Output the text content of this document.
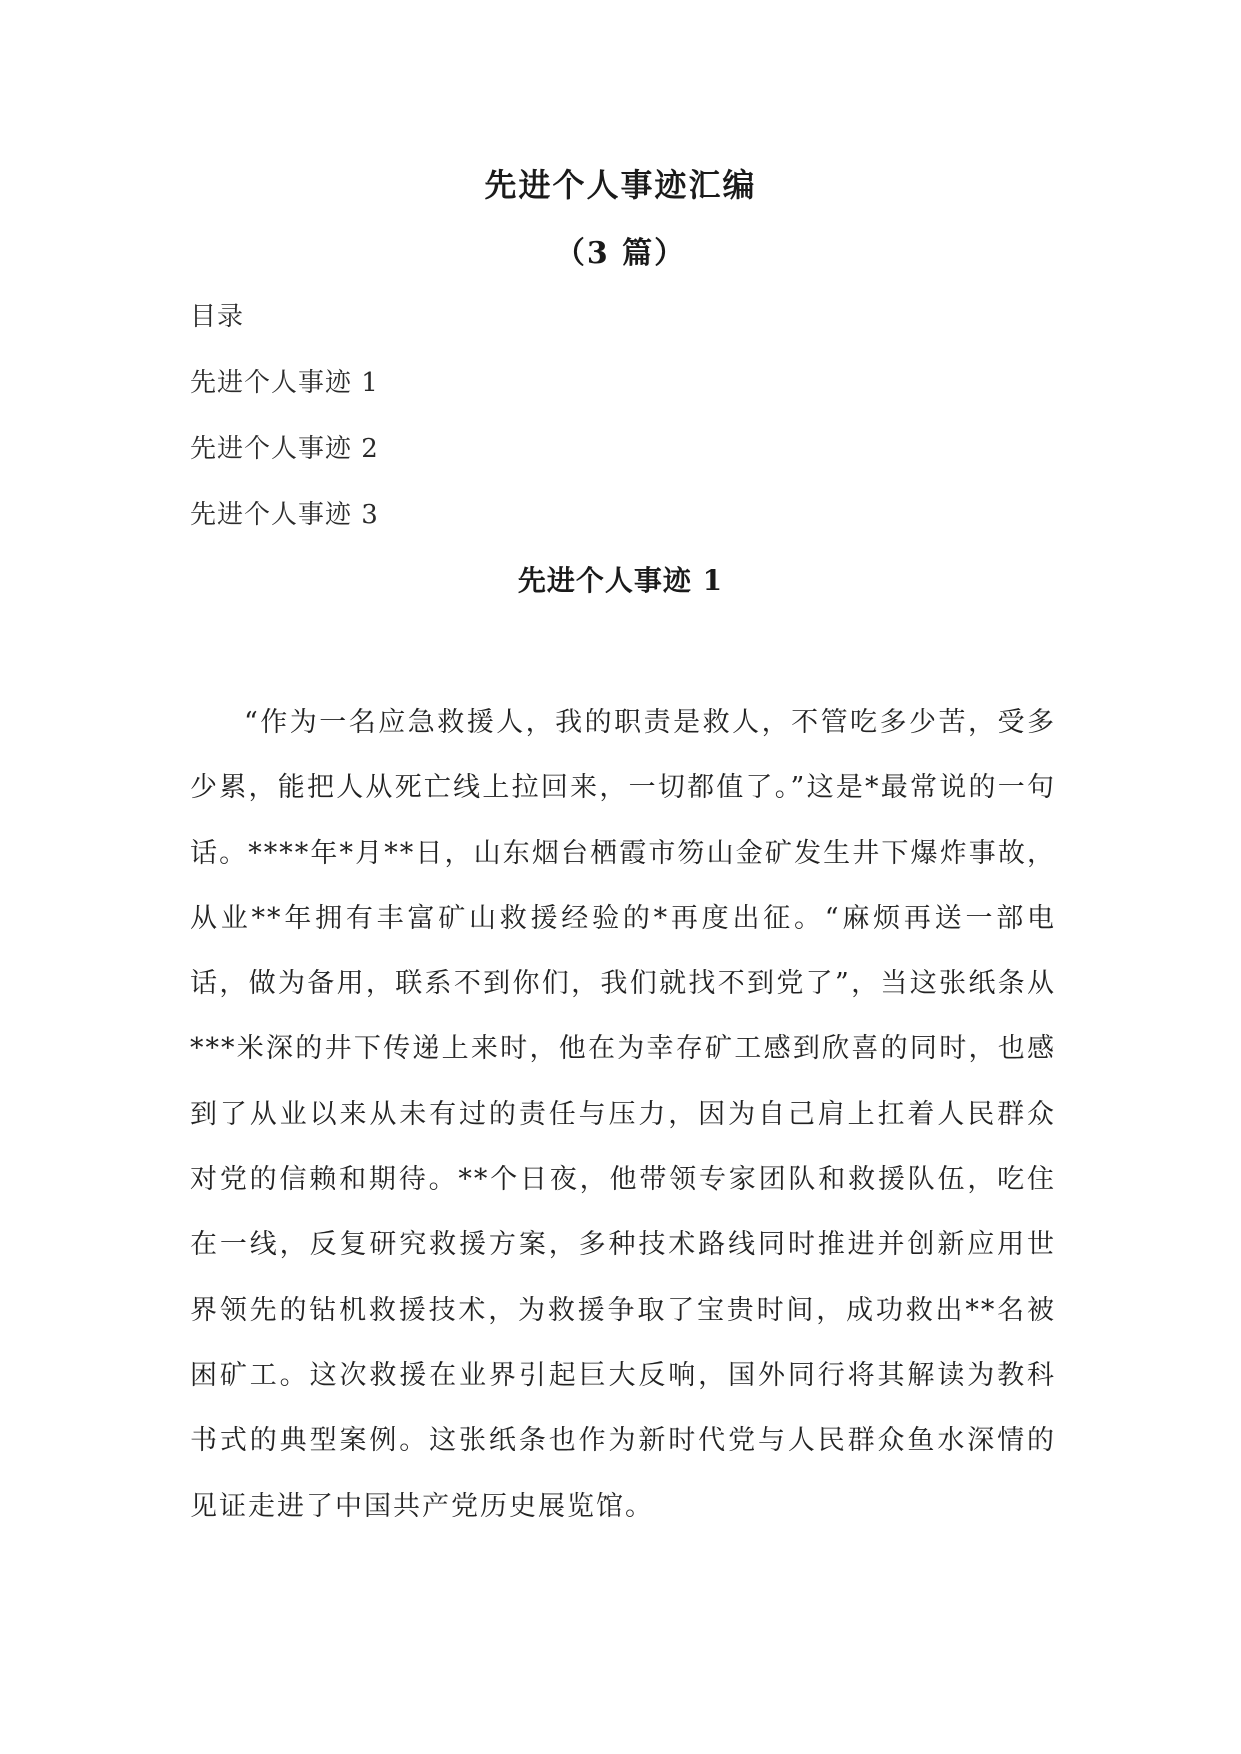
先进个人事迹汇编
（3 篇）
目录
先进个人事迹 1
先进个人事迹 2
先进个人事迹 3
先进个人事迹 1

“作为一名应急救援人，我的职责是救人，不管吃多少苦，受多少累，能把人从死亡线上拉回来，一切都值了。”这是*最常说的一句话。****年*月**日，山东烟台栖霞市笏山金矿发生井下爆炸事故，从业**年拥有丰富矿山救援经验的*再度出征。“麻烦再送一部电话，做为备用，联系不到你们，我们就找不到党了”，当这张纸条从***米深的井下传递上来时，他在为幸存矿工感到欣喜的同时，也感到了从业以来从未有过的责任与压力，因为自己肩上扛着人民群众对党的信赖和期待。**个日夜，他带领专家团队和救援队伍，吃住在一线，反复研究救援方案，多种技术路线同时推进并创新应用世界领先的钻机救援技术，为救援争取了宝贵时间，成功救出**名被困矿工。这次救援在业界引起巨大反响，国外同行将其解读为教科书式的典型案例。这张纸条也作为新时代党与人民群众鱼水深情的见证走进了中国共产党历史展览馆。
